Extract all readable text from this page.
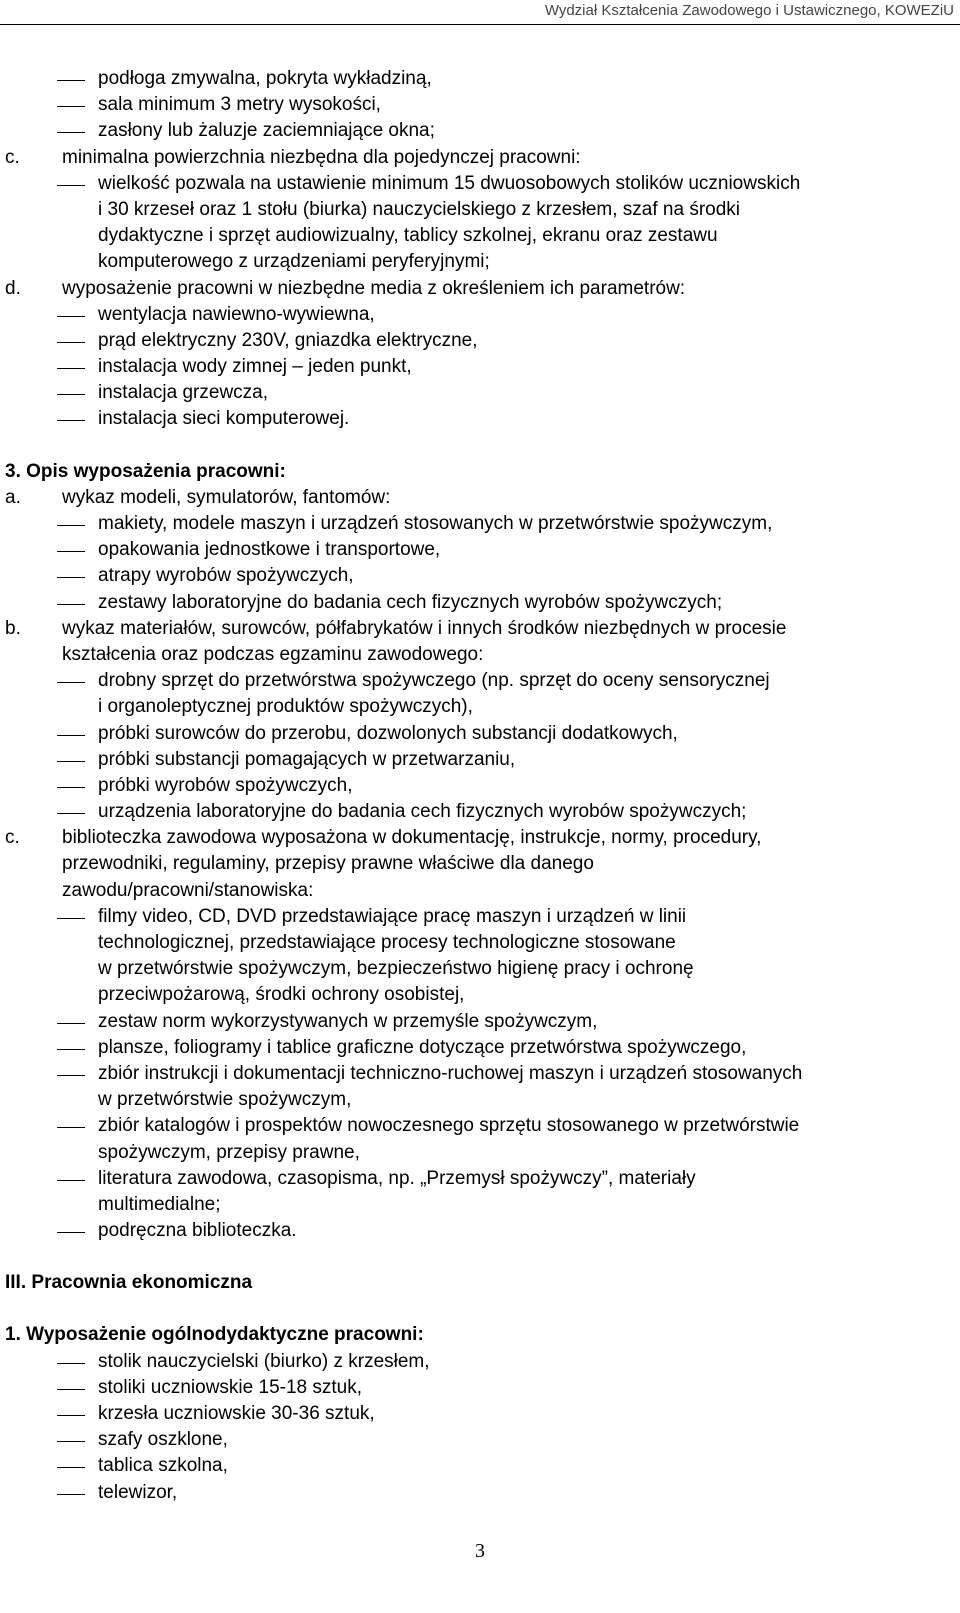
Wydział Kształcenia Zawodowego i Ustawicznego, KOWEZiU
podłoga zmywalna, pokryta wykładziną,
sala minimum 3 metry wysokości,
zasłony lub żaluzje zaciemniające okna;
c. minimalna powierzchnia niezbędna dla pojedynczej pracowni:
wielkość pozwala na ustawienie minimum 15 dwuosobowych stolików uczniowskich
i 30 krzeseł oraz 1 stołu (biurka) nauczycielskiego z krzesłem, szaf na środki
dydaktyczne i sprzęt audiowizualny, tablicy szkolnej, ekranu oraz zestawu
komputerowego z urządzeniami peryferyjnymi;
d. wyposażenie pracowni w niezbędne media z określeniem ich parametrów:
wentylacja nawiewno-wywiewna,
prąd elektryczny 230V, gniazdka elektryczne,
instalacja wody zimnej – jeden punkt,
instalacja grzewcza,
instalacja sieci komputerowej.
3. Opis wyposażenia pracowni:
a. wykaz modeli, symulatorów, fantomów:
makiety, modele maszyn i urządzeń stosowanych w przetwórstwie spożywczym,
opakowania jednostkowe i transportowe,
atrapy wyrobów spożywczych,
zestawy laboratoryjne do badania cech fizycznych wyrobów spożywczych;
b. wykaz materiałów, surowców, półfabrykatów i innych środków niezbędnych w procesie
kształcenia oraz podczas egzaminu zawodowego:
drobny sprzęt do przetwórstwa spożywczego (np. sprzęt do oceny sensorycznej
i organoleptycznej produktów spożywczych),
próbki surowców do przerobu, dozwolonych substancji dodatkowych,
próbki substancji pomagających w przetwarzaniu,
próbki wyrobów spożywczych,
urządzenia laboratoryjne do badania cech fizycznych wyrobów spożywczych;
c. biblioteczka zawodowa wyposażona w dokumentację, instrukcje, normy, procedury,
przewodniki, regulaminy, przepisy prawne właściwe dla danego
zawodu/pracowni/stanowiska:
filmy video, CD, DVD przedstawiające pracę maszyn i urządzeń w linii
technologicznej, przedstawiające procesy technologiczne stosowane
w przetwórstwie spożywczym, bezpieczeństwo higienę pracy i ochronę
przeciwpożarową, środki ochrony osobistej,
zestaw norm wykorzystywanych w przemyśle spożywczym,
plansze, foliogramy i tablice graficzne dotyczące przetwórstwa spożywczego,
zbiór instrukcji i dokumentacji techniczno-ruchowej maszyn i urządzeń stosowanych
w przetwórstwie spożywczym,
zbiór katalogów i prospektów nowoczesnego sprzętu stosowanego w przetwórstwie
spożywczym, przepisy prawne,
literatura zawodowa, czasopisma, np. „Przemysł spożywczy”, materiały
multimedialne;
podręczna biblioteczka.
III. Pracownia ekonomiczna
1. Wyposażenie ogólnodydaktyczne pracowni:
stolik nauczycielski (biurko) z krzesłem,
stoliki uczniowskie 15-18 sztuk,
krzesła uczniowskie 30-36 sztuk,
szafy oszklone,
tablica szkolna,
telewizor,
3
